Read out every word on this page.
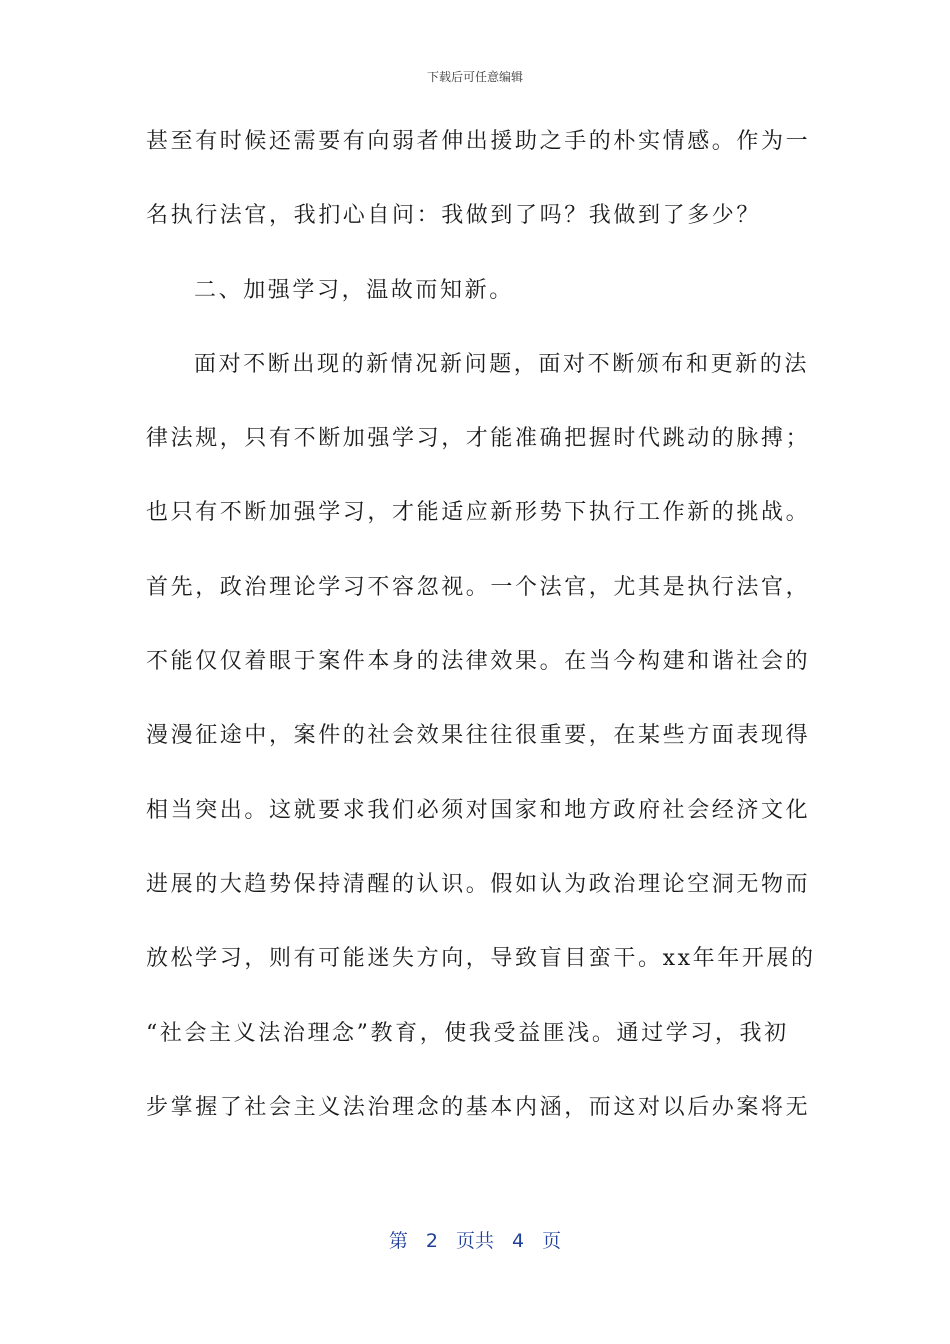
下载后可任意编辑
甚至有时候还需要有向弱者伸出援助之手的朴实情感。作为一
名执行法官，我扪心自问：我做到了吗？我做到了多少？
二、加强学习，温故而知新。
面对不断出现的新情况新问题，面对不断颁布和更新的法
律法规，只有不断加强学习，才能准确把握时代跳动的脉搏；
也只有不断加强学习，才能适应新形势下执行工作新的挑战。
首先，政治理论学习不容忽视。一个法官，尤其是执行法官，
不能仅仅着眼于案件本身的法律效果。在当今构建和谐社会的
漫漫征途中，案件的社会效果往往很重要，在某些方面表现得
相当突出。这就要求我们必须对国家和地方政府社会经济文化
进展的大趋势保持清醒的认识。假如认为政治理论空洞无物而
放松学习，则有可能迷失方向，导致盲目蛮干。xx年年开展的
“社会主义法治理念”教育，使我受益匪浅。通过学习，我初
步掌握了社会主义法治理念的基本内涵，而这对以后办案将无
第 2 页共 4 页
